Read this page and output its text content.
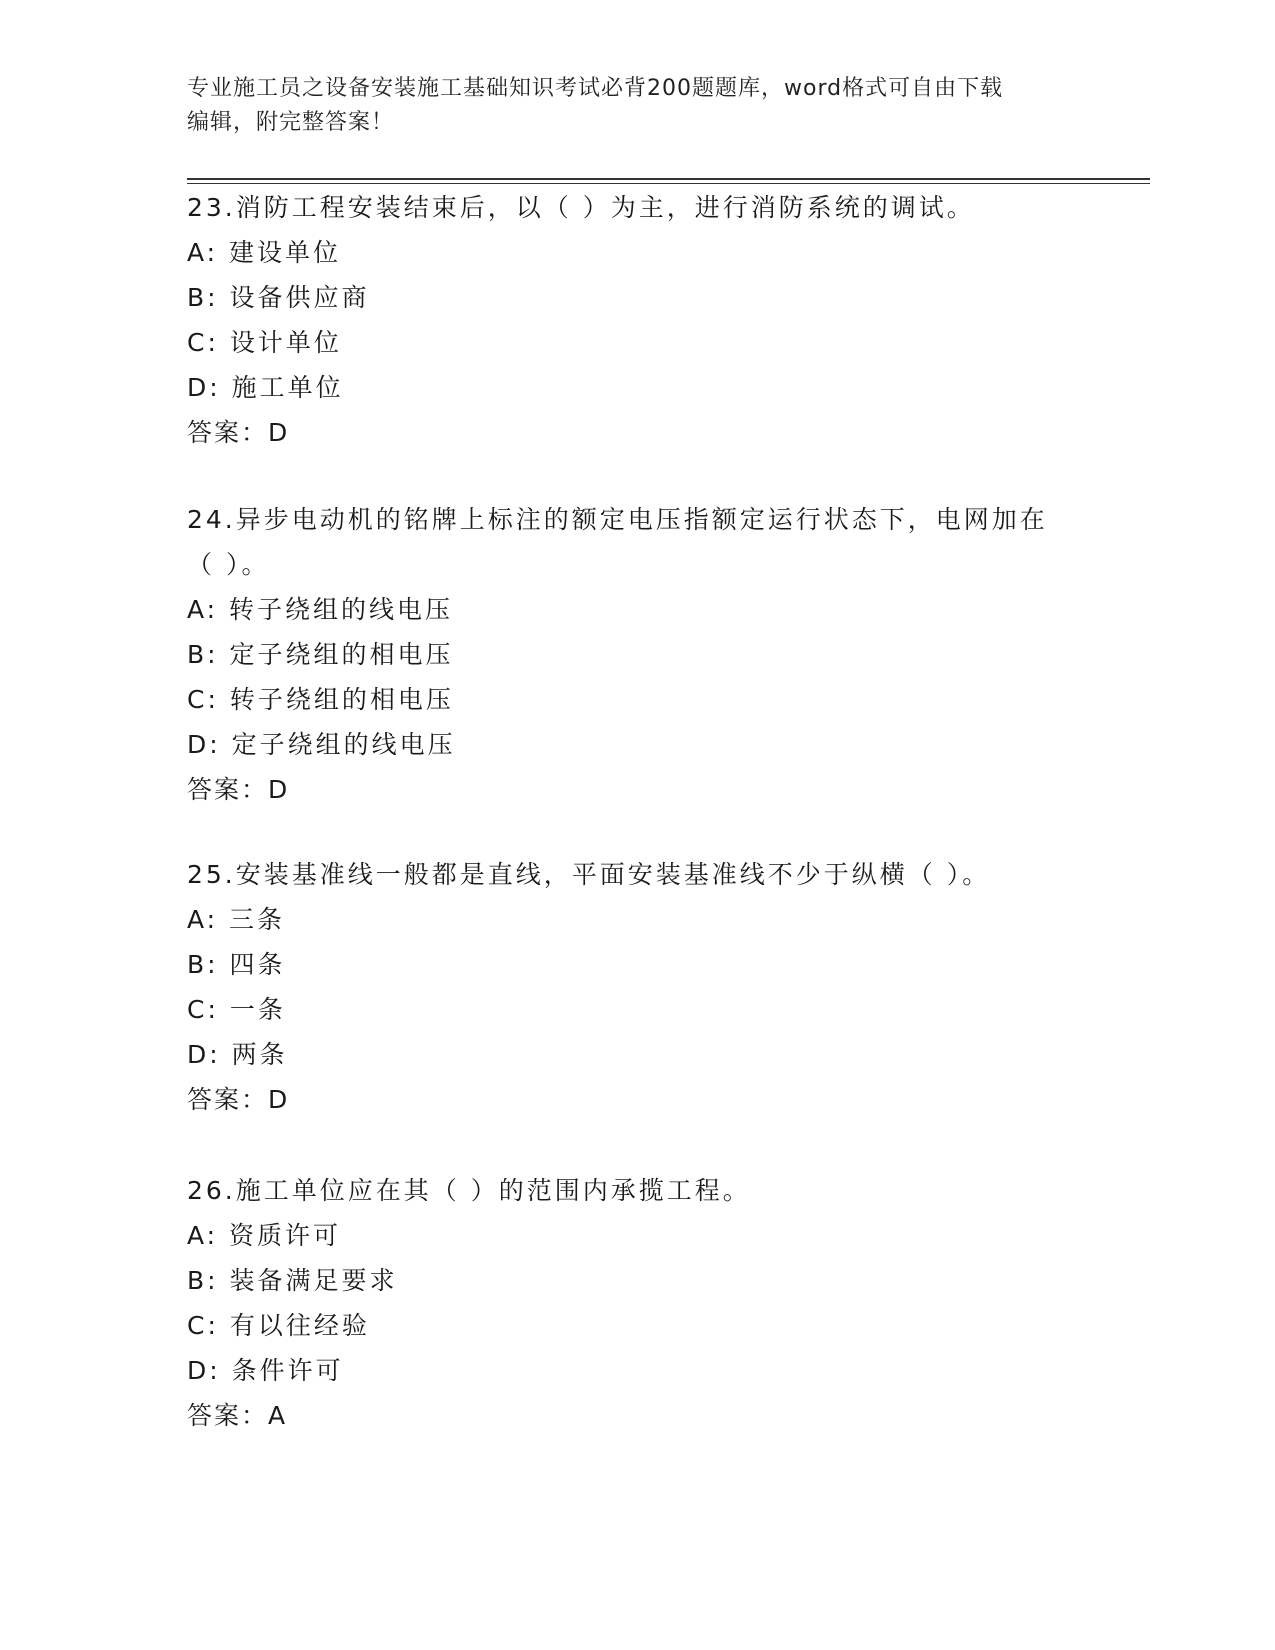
专业施工员之设备安装施工基础知识考试必背200题题库，word格式可自由下载
编辑，附完整答案！

23.消防工程安装结束后，以（ ）为主，进行消防系统的调试。

A: 建设单位

B: 设备供应商

C: 设计单位

D: 施工单位

答案：D

24.异步电动机的铭牌上标注的额定电压指额定运行状态下，电网加在

（ ）。

A: 转子绕组的线电压

B: 定子绕组的相电压

C: 转子绕组的相电压

D: 定子绕组的线电压

答案：D

25.安装基准线一般都是直线，平面安装基准线不少于纵横（ ）。

A: 三条

B: 四条

C: 一条

D: 两条

答案：D

26.施工单位应在其（ ）的范围内承揽工程。

A: 资质许可

B: 装备满足要求

C: 有以往经验

D: 条件许可

答案：A
